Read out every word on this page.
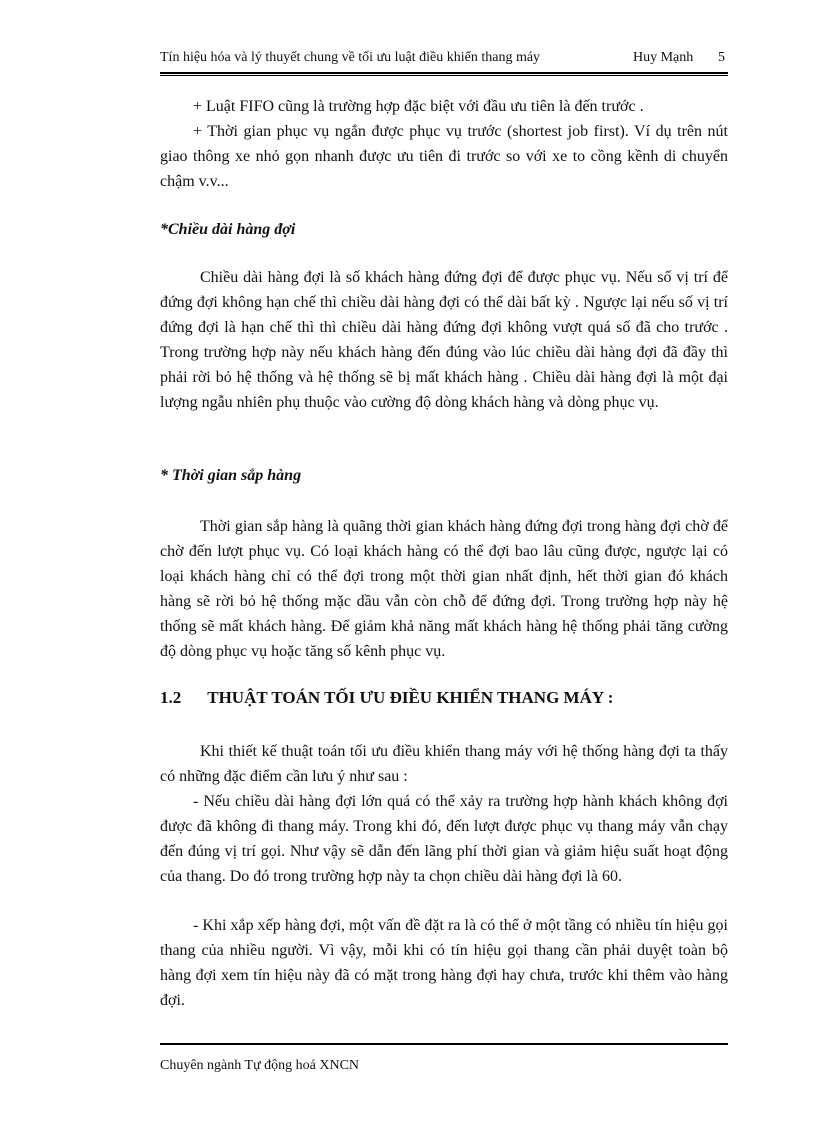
Tín hiệu hóa và lý thuyết chung về tối ưu luật điều khiển thang máy	Huy Mạnh 5

+ Luật FIFO cũng là trường hợp đặc biệt với đầu ưu tiên là đến trước .

+ Thời gian phục vụ ngắn được phục vụ trước (shortest job first). Ví dụ trên nút giao thông xe nhỏ gọn nhanh được ưu tiên đi trước so với xe to cồng kềnh di chuyển chậm v.v...

*Chiều dài hàng đợi

Chiều dài hàng đợi là số khách hàng đứng đợi để được phục vụ. Nếu số vị trí để đứng đợi không hạn chế thì chiều dài hàng đợi có thể dài bất kỳ . Ngược lại nếu số vị trí đứng đợi là hạn chế thì thì chiều dài hàng đứng đợi không vượt quá số đã cho trước . Trong trường hợp này nếu khách hàng đến đúng vào lúc chiều dài hàng đợi đã đầy thì phải rời bỏ hệ thống và hệ thống sẽ bị mất khách hàng . Chiều dài hàng đợi là một đại lượng ngẫu nhiên phụ thuộc vào cường độ dòng khách hàng và dòng phục vụ.

* Thời gian sắp hàng

Thời gian sắp hàng là quãng thời gian khách hàng đứng đợi trong hàng đợi chờ để chờ đến lượt phục vụ. Có loại khách hàng có thể đợi bao lâu cũng được, ngược lại có loại khách hàng chỉ có thể đợi trong một thời gian nhất định, hết thời gian đó khách hàng sẽ rời bỏ hệ thống mặc dầu vẫn còn chỗ để đứng đợi. Trong trường hợp này hệ thống sẽ mất khách hàng. Để giảm khả năng mất khách hàng hệ thống phải tăng cường độ dòng phục vụ hoặc tăng số kênh phục vụ.

1.2 THUẬT TOÁN TỐI ƯU ĐIỀU KHIỂN THANG MÁY :

Khi thiết kế thuật toán tối ưu điều khiển thang máy với hệ thống hàng đợi ta thấy có những đặc điểm cần lưu ý như sau :

- Nếu chiều dài hàng đợi lớn quá có thể xảy ra trường hợp hành khách không đợi được đã không đi thang máy. Trong khi đó, đến lượt được phục vụ thang máy vẫn chạy đến đúng vị trí gọi. Như vậy sẽ dẫn đến lãng phí thời gian và giảm hiệu suất hoạt động của thang. Do đó trong trường hợp này ta chọn chiều dài hàng đợi là 60.

- Khi xắp xếp hàng đợi, một vấn đề đặt ra là có thể ở một tầng có nhiều tín hiệu gọi thang của nhiều người. Vì vậy, mỗi khi có tín hiệu gọi thang cần phải duyệt toàn bộ hàng đợi xem tín hiệu này đã có mặt trong hàng đợi hay chưa, trước khi thêm vào hàng đợi.

Chuyên ngành Tự động hoá XNCN
